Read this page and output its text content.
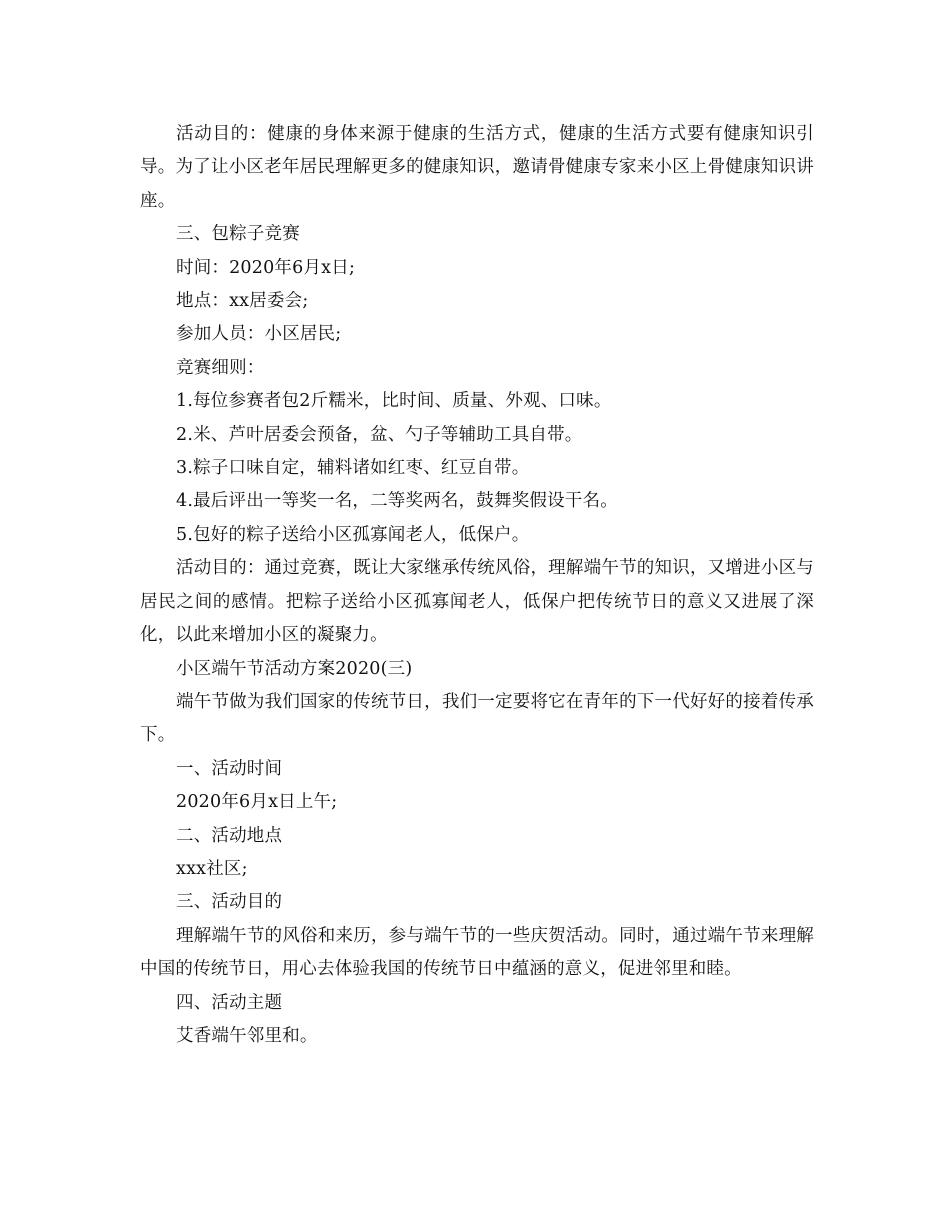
活动目的：健康的身体来源于健康的生活方式，健康的生活方式要有健康知识引导。为了让小区老年居民理解更多的健康知识，邀请骨健康专家来小区上骨健康知识讲座。

三、包粽子竞赛

时间：2020年6月x日;

地点：xx居委会;

参加人员：小区居民;

竞赛细则：

1.每位参赛者包2斤糯米，比时间、质量、外观、口味。

2.米、芦叶居委会预备，盆、勺子等辅助工具自带。

3.粽子口味自定，辅料诸如红枣、红豆自带。

4.最后评出一等奖一名，二等奖两名，鼓舞奖假设干名。

5.包好的粽子送给小区孤寡闻老人，低保户。

活动目的：通过竞赛，既让大家继承传统风俗，理解端午节的知识，又增进小区与居民之间的感情。把粽子送给小区孤寡闻老人，低保户把传统节日的意义又进展了深化，以此来增加小区的凝聚力。

小区端午节活动方案2020(三)

端午节做为我们国家的传统节日，我们一定要将它在青年的下一代好好的接着传承下。

一、活动时间

2020年6月x日上午;

二、活动地点

xxx社区;

三、活动目的

理解端午节的风俗和来历，参与端午节的一些庆贺活动。同时，通过端午节来理解中国的传统节日，用心去体验我国的传统节日中蕴涵的意义，促进邻里和睦。

四、活动主题

艾香端午邻里和。
